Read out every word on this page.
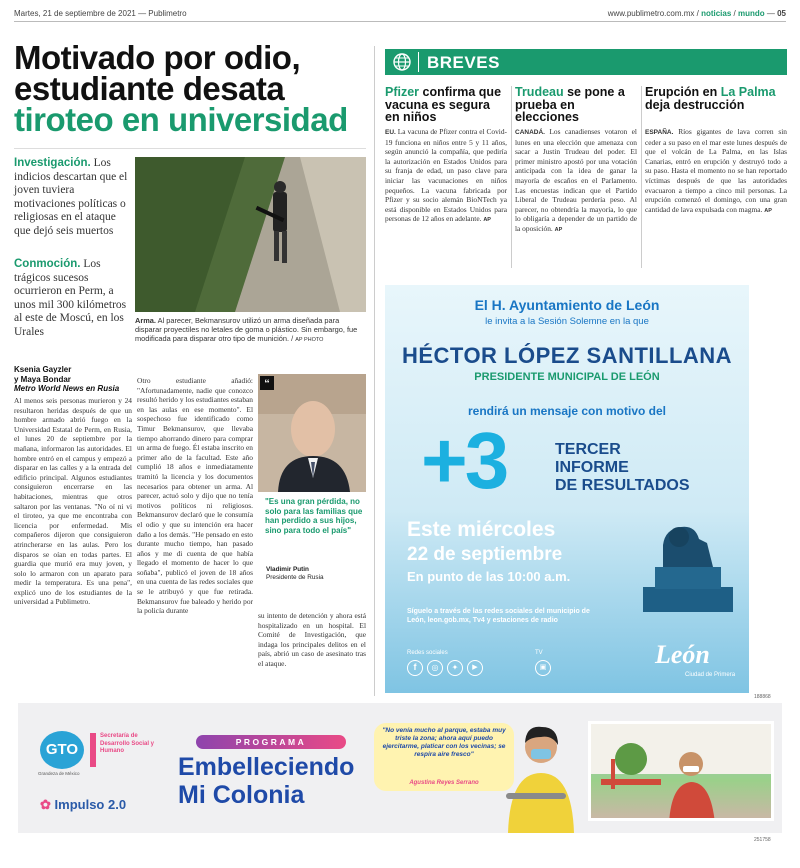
Martes, 21 de septiembre de 2021 — Publimetro	www.publimetro.com.mx / noticias / mundo — 05
Motivado por odio,
estudiante desata
tiroteo en universidad
Investigación. Los indicios descartan que el joven tuviera motivaciones políticas o religiosas en el ataque que dejó seis muertos
Conmoción. Los trágicos sucesos ocurrieron en Perm, a unos mil 300 kilómetros al este de Moscú, en los Urales
Arma. Al parecer, Bekmansurov utilizó un arma diseñada para disparar proyectiles no letales de goma o plástico. Sin embargo, fue modificada para disparar otro tipo de munición. / AP PHOTO
Ksenia Gayzler
y Maya Bondar
Metro World News en Rusia
Al menos seis personas murieron y 24 resultaron heridas después de que un hombre armado abrió fuego en la Universidad Estatal de Perm, en Rusia, el lunes 20 de septiembre por la mañana, informaron las autoridades. El hombre entró en el campus y empezó a disparar en las calles y a la entrada del edificio principal. Algunos estudiantes consiguieron encerrarse en las habitaciones, mientras que otros saltaron por las ventanas. "No oí ni vi el tiroteo, ya que me encontraba con licencia por enfermedad. Mis compañeros dijeron que consiguieron atrincherarse en las aulas. Pero los disparos se oían en todas partes. El guardia que murió era muy joven, y solo lo armaron con un aparato para medir la temperatura. Es una pena", explicó uno de los estudiantes de la universidad a Publimetro.
Otro estudiante añadió: "Afortunadamente, nadie que conozco resultó herido y los estudiantes estaban en las aulas en ese momento". El sospechoso fue identificado como Timur Bekmansurov, que llevaba tiempo ahorrando dinero para comprar un arma de fuego. Él estaba inscrito en primer año de la facultad. Este año cumplió 18 años e inmediatamente tramitó la licencia y los documentos necesarios para obtener un arma. Al parecer, actuó solo y dijo que no tenía motivos políticos ni religiosos. Bekmansurov declaró que le consumía el odio y que su intención era hacer daño a los demás. "He pensado en esto durante mucho tiempo, han pasado años y me di cuenta de que había llegado el momento de hacer lo que soñaba", publicó el joven de 18 años en una cuenta de las redes sociales que se le atribuyó y que fue retirada. Bekmansurov fue baleado y herido por la policía durante
“
"Es una gran pérdida, no solo para las familias que han perdido a sus hijos, sino para todo el país"
Vladimir Putin
Presidente de Rusia
su intento de detención y ahora está hospitalizado en un hospital. El Comité de Investigación, que indaga los principales delitos en el país, abrió un caso de asesinato tras el ataque.
BREVES
Pfizer confirma que vacuna es segura en niños
EU. La vacuna de Pfizer contra el Covid-19 funciona en niños entre 5 y 11 años, según anunció la compañía, que pediría la autorización en Estados Unidos para su franja de edad, un paso clave para iniciar las vacunaciones en niños pequeños. La vacuna fabricada por Pfizer y su socio alemán BioNTech ya está disponible en Estados Unidos para personas de 12 años en adelante. AP
Trudeau se pone a prueba en elecciones
CANADÁ. Los canadienses votaron el lunes en una elección que amenaza con sacar a Justin Trudeau del poder. El primer ministro apostó por una votación anticipada con la idea de ganar la mayoría de escaños en el Parlamento. Las encuestas indican que el Partido Liberal de Trudeau perdería peso. Al parecer, no obtendría la mayoría, lo que lo obligaría a depender de un partido de la oposición. AP
Erupción en La Palma deja destrucción
ESPAÑA. Ríos gigantes de lava corren sin ceder a su paso en el mar este lunes después de que el volcán de La Palma, en las Islas Canarias, entró en erupción y destruyó todo a su paso. Hasta el momento no se han reportado víctimas después de que las autoridades evacuaron a tiempo a cinco mil personas. La erupción comenzó el domingo, con una gran cantidad de lava expulsada con magma. AP
El H. Ayuntamiento de León
le invita a la Sesión Solemne en la que
HÉCTOR LÓPEZ SANTILLANA
PRESIDENTE MUNICIPAL DE LEÓN
rendirá un mensaje con motivo del
+3	TERCER
INFORME
DE RESULTADOS
Este miércoles
22 de septiembre
En punto de las 10:00 a.m.
Síguelo a través de las redes sociales del municipio de León, leon.gob.mx, Tv4 y estaciones de radio
Redes sociales
f	◎	✦	▶
TV
▣	León
Ciudad de Primera
188868
GTO
Grandeza de México
Secretaría de Desarrollo Social y Humano
✿ Impulso 2.0
PROGRAMA
Embelleciendo
Mi Colonia
"No venía mucho al parque, estaba muy triste la zona; ahora aquí puedo ejercitarme, platicar con los vecinas; se respira aire fresco"
Agustina Reyes Serrano
251758
